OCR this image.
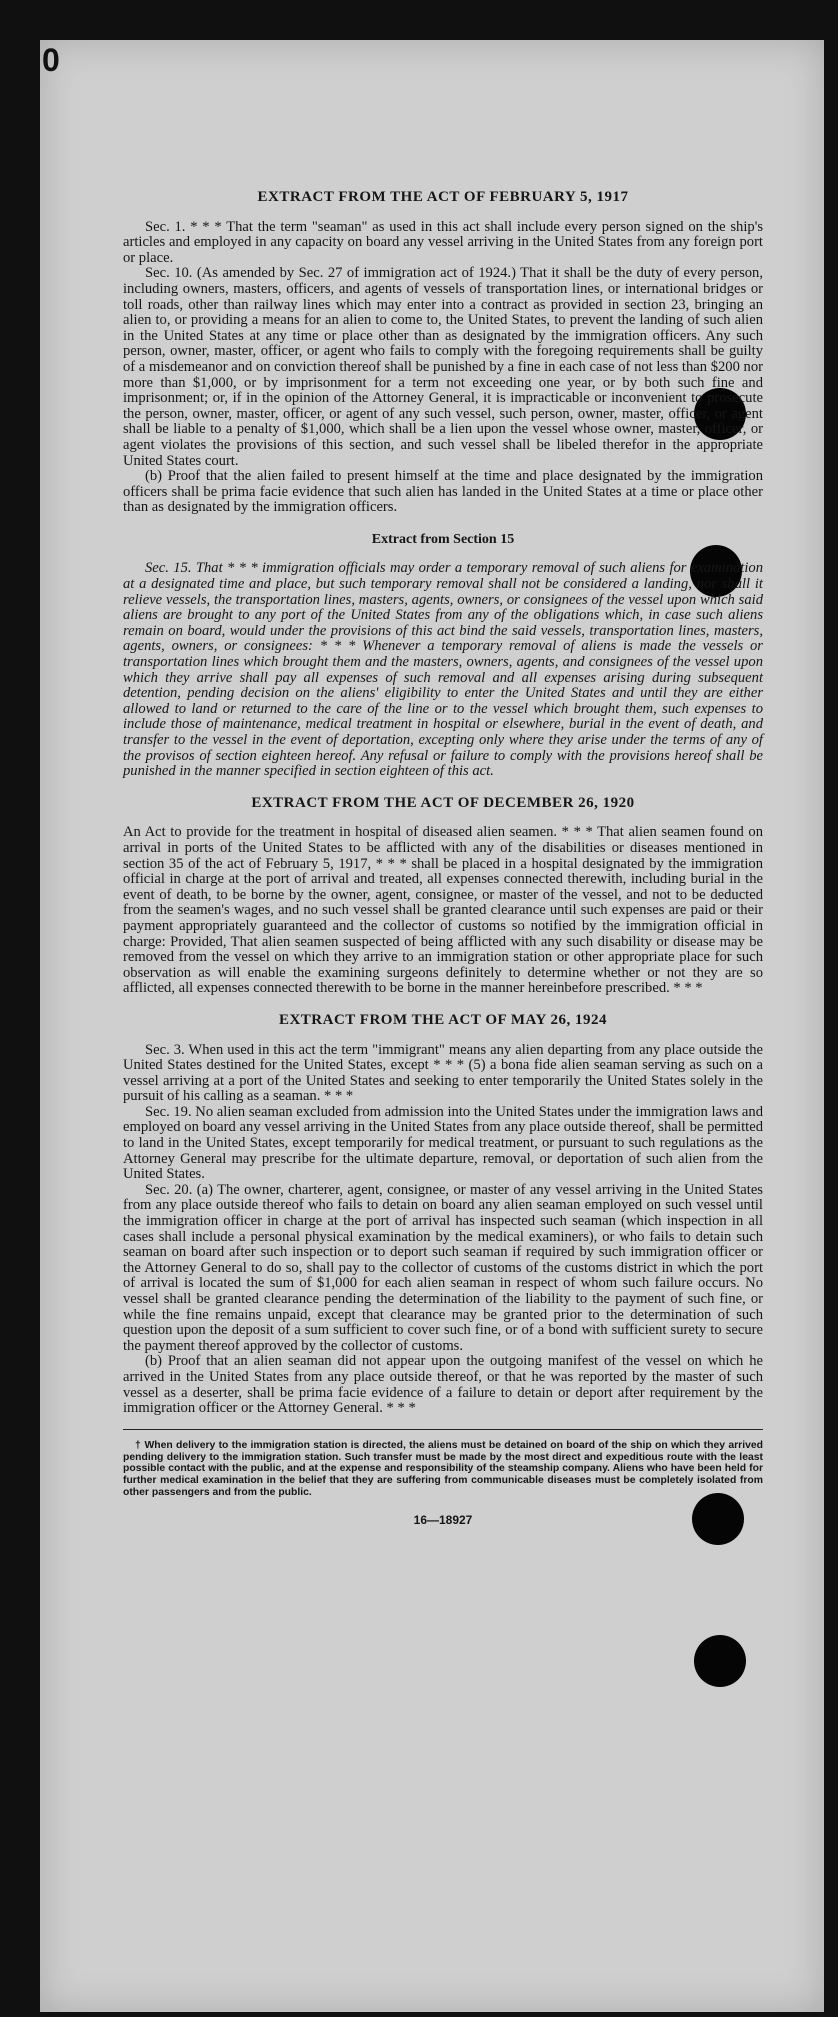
0
EXTRACT FROM THE ACT OF FEBRUARY 5, 1917

Sec. 1. * * * That the term "seaman" as used in this act shall include every person signed on the ship's articles and employed in any capacity on board any vessel arriving in the United States from any foreign port or place.

Sec. 10. (As amended by Sec. 27 of immigration act of 1924.) That it shall be the duty of every person, including owners, masters, officers, and agents of vessels of transportation lines, or international bridges or toll roads, other than railway lines which may enter into a contract as provided in section 23, bringing an alien to, or providing a means for an alien to come to, the United States, to prevent the landing of such alien in the United States at any time or place other than as designated by the immigration officers. Any such person, owner, master, officer, or agent who fails to comply with the foregoing requirements shall be guilty of a misdemeanor and on conviction thereof shall be punished by a fine in each case of not less than $200 nor more than $1,000, or by imprisonment for a term not exceeding one year, or by both such fine and imprisonment; or, if in the opinion of the Attorney General, it is impracticable or inconvenient to prosecute the person, owner, master, officer, or agent of any such vessel, such person, owner, master, officer, or agent shall be liable to a penalty of $1,000, which shall be a lien upon the vessel whose owner, master, officer, or agent violates the provisions of this section, and such vessel shall be libeled therefor in the appropriate United States court.

(b) Proof that the alien failed to present himself at the time and place designated by the immigration officers shall be prima facie evidence that such alien has landed in the United States at a time or place other than as designated by the immigration officers.

Extract from Section 15

Sec. 15. That * * * immigration officials may order a temporary removal of such aliens for examination at a designated time and place, but such temporary removal shall not be considered a landing, nor shall it relieve vessels, the transportation lines, masters, agents, owners, or consignees of the vessel upon which said aliens are brought to any port of the United States from any of the obligations which, in case such aliens remain on board, would under the provisions of this act bind the said vessels, transportation lines, masters, agents, owners, or consignees: * * * Whenever a temporary removal of aliens is made the vessels or transportation lines which brought them and the masters, owners, agents, and consignees of the vessel upon which they arrive shall pay all expenses of such removal and all expenses arising during subsequent detention, pending decision on the aliens' eligibility to enter the United States and until they are either allowed to land or returned to the care of the line or to the vessel which brought them, such expenses to include those of maintenance, medical treatment in hospital or elsewhere, burial in the event of death, and transfer to the vessel in the event of deportation, excepting only where they arise under the terms of any of the provisos of section eighteen hereof. Any refusal or failure to comply with the provisions hereof shall be punished in the manner specified in section eighteen of this act.

EXTRACT FROM THE ACT OF DECEMBER 26, 1920

An Act to provide for the treatment in hospital of diseased alien seamen. * * * That alien seamen found on arrival in ports of the United States to be afflicted with any of the disabilities or diseases mentioned in section 35 of the act of February 5, 1917, * * * shall be placed in a hospital designated by the immigration official in charge at the port of arrival and treated, all expenses connected therewith, including burial in the event of death, to be borne by the owner, agent, consignee, or master of the vessel, and not to be deducted from the seamen's wages, and no such vessel shall be granted clearance until such expenses are paid or their payment appropriately guaranteed and the collector of customs so notified by the immigration official in charge: Provided, That alien seamen suspected of being afflicted with any such disability or disease may be removed from the vessel on which they arrive to an immigration station or other appropriate place for such observation as will enable the examining surgeons definitely to determine whether or not they are so afflicted, all expenses connected therewith to be borne in the manner hereinbefore prescribed. * * *

EXTRACT FROM THE ACT OF MAY 26, 1924

Sec. 3. When used in this act the term "immigrant" means any alien departing from any place outside the United States destined for the United States, except * * * (5) a bona fide alien seaman serving as such on a vessel arriving at a port of the United States and seeking to enter temporarily the United States solely in the pursuit of his calling as a seaman. * * *

Sec. 19. No alien seaman excluded from admission into the United States under the immigration laws and employed on board any vessel arriving in the United States from any place outside thereof, shall be permitted to land in the United States, except temporarily for medical treatment, or pursuant to such regulations as the Attorney General may prescribe for the ultimate departure, removal, or deportation of such alien from the United States.

Sec. 20. (a) The owner, charterer, agent, consignee, or master of any vessel arriving in the United States from any place outside thereof who fails to detain on board any alien seaman employed on such vessel until the immigration officer in charge at the port of arrival has inspected such seaman (which inspection in all cases shall include a personal physical examination by the medical examiners), or who fails to detain such seaman on board after such inspection or to deport such seaman if required by such immigration officer or the Attorney General to do so, shall pay to the collector of customs of the customs district in which the port of arrival is located the sum of $1,000 for each alien seaman in respect of whom such failure occurs. No vessel shall be granted clearance pending the determination of the liability to the payment of such fine, or while the fine remains unpaid, except that clearance may be granted prior to the determination of such question upon the deposit of a sum sufficient to cover such fine, or of a bond with sufficient surety to secure the payment thereof approved by the collector of customs.

(b) Proof that an alien seaman did not appear upon the outgoing manifest of the vessel on which he arrived in the United States from any place outside thereof, or that he was reported by the master of such vessel as a deserter, shall be prima facie evidence of a failure to detain or deport after requirement by the immigration officer or the Attorney General. * * *

† When delivery to the immigration station is directed, the aliens must be detained on board of the ship on which they arrived pending delivery to the immigration station. Such transfer must be made by the most direct and expeditious route with the least possible contact with the public, and at the expense and responsibility of the steamship company. Aliens who have been held for further medical examination in the belief that they are suffering from communicable diseases must be completely isolated from other passengers and from the public.

16—18927
